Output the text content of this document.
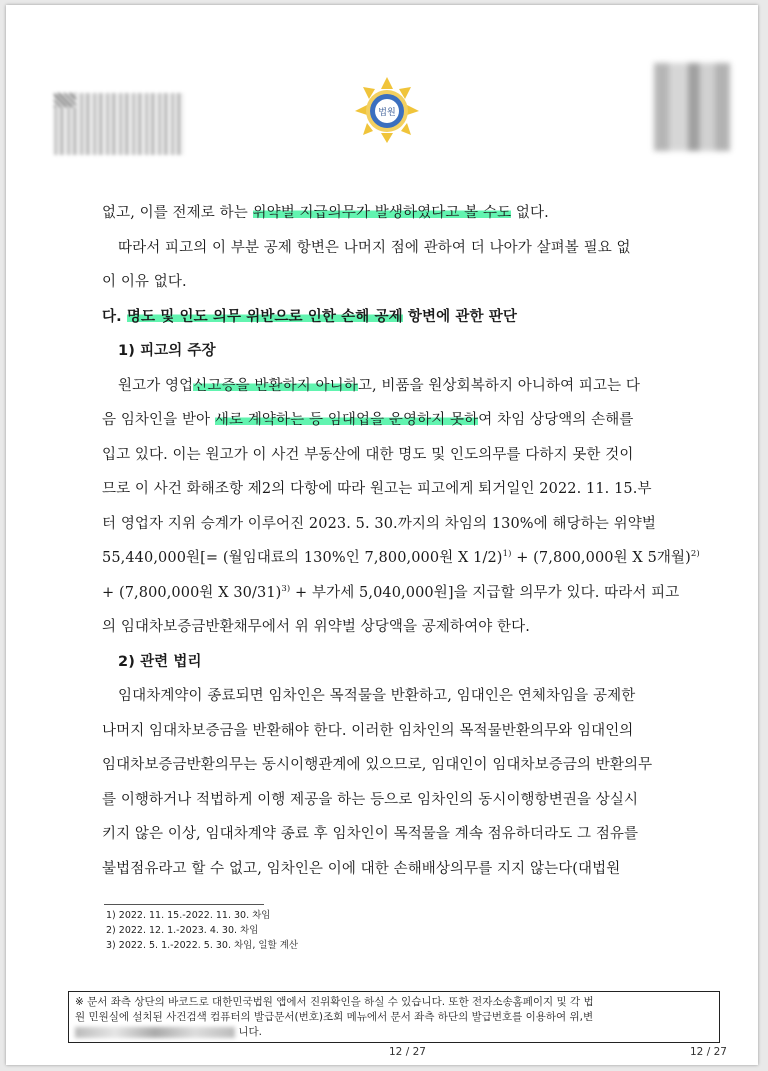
법원

없고, 이를 전제로 하는 위약벌 지급의무가 발생하였다고 볼 수도 없다.

따라서 피고의 이 부분 공제 항변은 나머지 점에 관하여 더 나아가 살펴볼 필요 없

이 이유 없다.

다. 명도 및 인도 의무 위반으로 인한 손해 공제 항변에 관한 판단

1) 피고의 주장

원고가 영업신고증을 반환하지 아니하고, 비품을 원상회복하지 아니하여 피고는 다

음 임차인을 받아 새로 계약하는 등 임대업을 운영하지 못하여 차임 상당액의 손해를

입고 있다. 이는 원고가 이 사건 부동산에 대한 명도 및 인도의무를 다하지 못한 것이

므로 이 사건 화해조항 제2의 다항에 따라 원고는 피고에게 퇴거일인 2022. 11. 15.부

터 영업자 지위 승계가 이루어진 2023. 5. 30.까지의 차임의 130%에 해당하는 위약벌

55,440,000원[= (월임대료의 130%인 7,800,000원 X 1/2)$^{1)}$ + (7,800,000원 X 5개월)$^{2)}$

+ (7,800,000원 X 30/31)$^{3)}$ + 부가세 5,040,000원]을 지급할 의무가 있다. 따라서 피고

의 임대차보증금반환채무에서 위 위약벌 상당액을 공제하여야 한다.

2) 관련 법리

임대차계약이 종료되면 임차인은 목적물을 반환하고, 임대인은 연체차임을 공제한

나머지 임대차보증금을 반환해야 한다. 이러한 임차인의 목적물반환의무와 임대인의

임대차보증금반환의무는 동시이행관계에 있으므로, 임대인이 임대차보증금의 반환의무

를 이행하거나 적법하게 이행 제공을 하는 등으로 임차인의 동시이행항변권을 상실시

키지 않은 이상, 임대차계약 종료 후 임차인이 목적물을 계속 점유하더라도 그 점유를

불법점유라고 할 수 없고, 임차인은 이에 대한 손해배상의무를 지지 않는다(대법원

1) 2022. 11. 15.-2022. 11. 30. 차임
2) 2022. 12. 1.-2023. 4. 30. 차임
3) 2022. 5. 1.-2022. 5. 30. 차임, 일할 계산
※ 문서 좌측 상단의 바코드로 대한민국법원 앱에서 진위확인을 하실 수 있습니다. 또한 전자소송홈페이지 및 각 법
원 민원실에 설치된 사건검색 컴퓨터의 발급문서(번호)조회 메뉴에서 문서 좌측 하단의 발급번호를 이용하여 위,변
니다.
12 / 27	12 / 27
